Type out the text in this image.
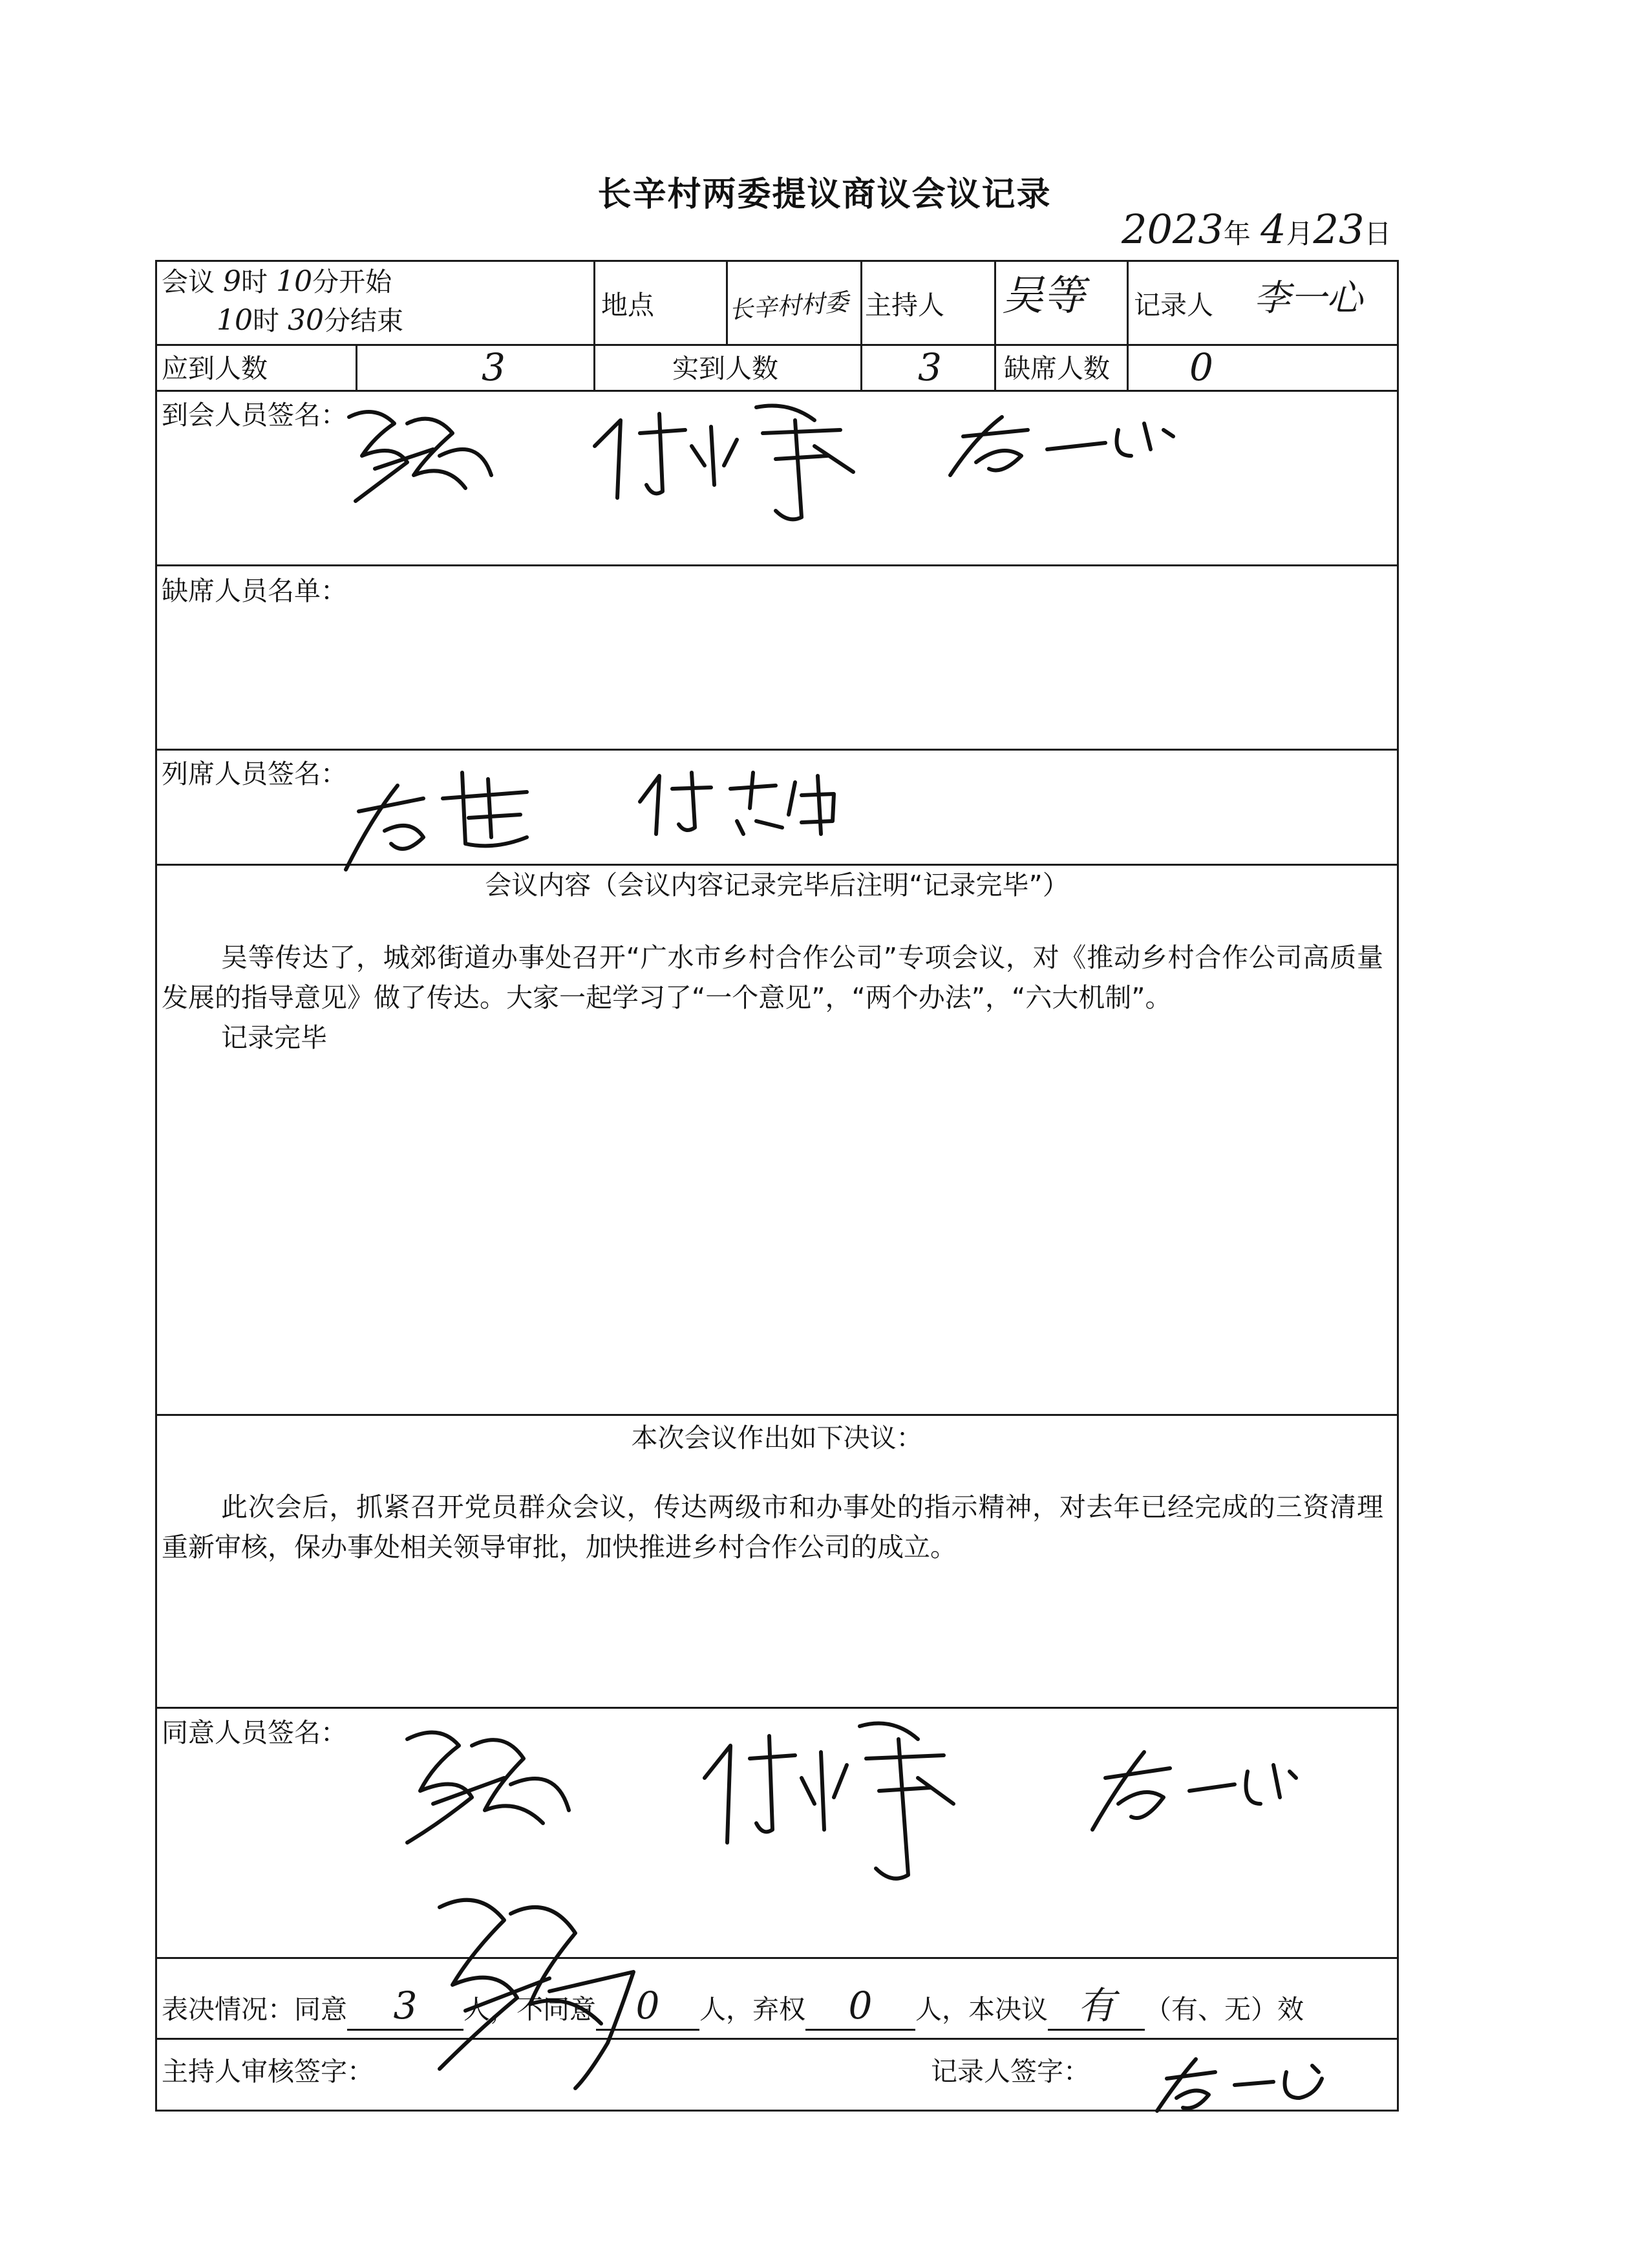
长辛村两委提议商议会议记录
2023年 4月23日
会议 9时 10分开始
10时 30分结束	地点	长辛村村委 主持人 吴等 记录人 李一心
应到人数	3	实到人数	3 缺席人数 0
到会人员签名：
缺席人员名单：
列席人员签名：
会议内容（会议内容记录完毕后注明“记录完毕”）

吴等传达了，城郊街道办事处召开“广水市乡村合作公司”专项会议，对《推动乡村合作公司高质量发展的指导意见》做了传达。大家一起学习了“一个意见”，“两个办法”，“六大机制”。

记录完毕

本次会议作出如下决议：

此次会后，抓紧召开党员群众会议，传达两级市和办事处的指示精神，对去年已经完成的三资清理重新审核，保办事处相关领导审批，加快推进乡村合作公司的成立。

同意人员签名：
表决情况：同意 3 人，不同意 0 人，弃权 0 人，本决议 有 （有、无）效
主持人审核签字：	记录人签字：
